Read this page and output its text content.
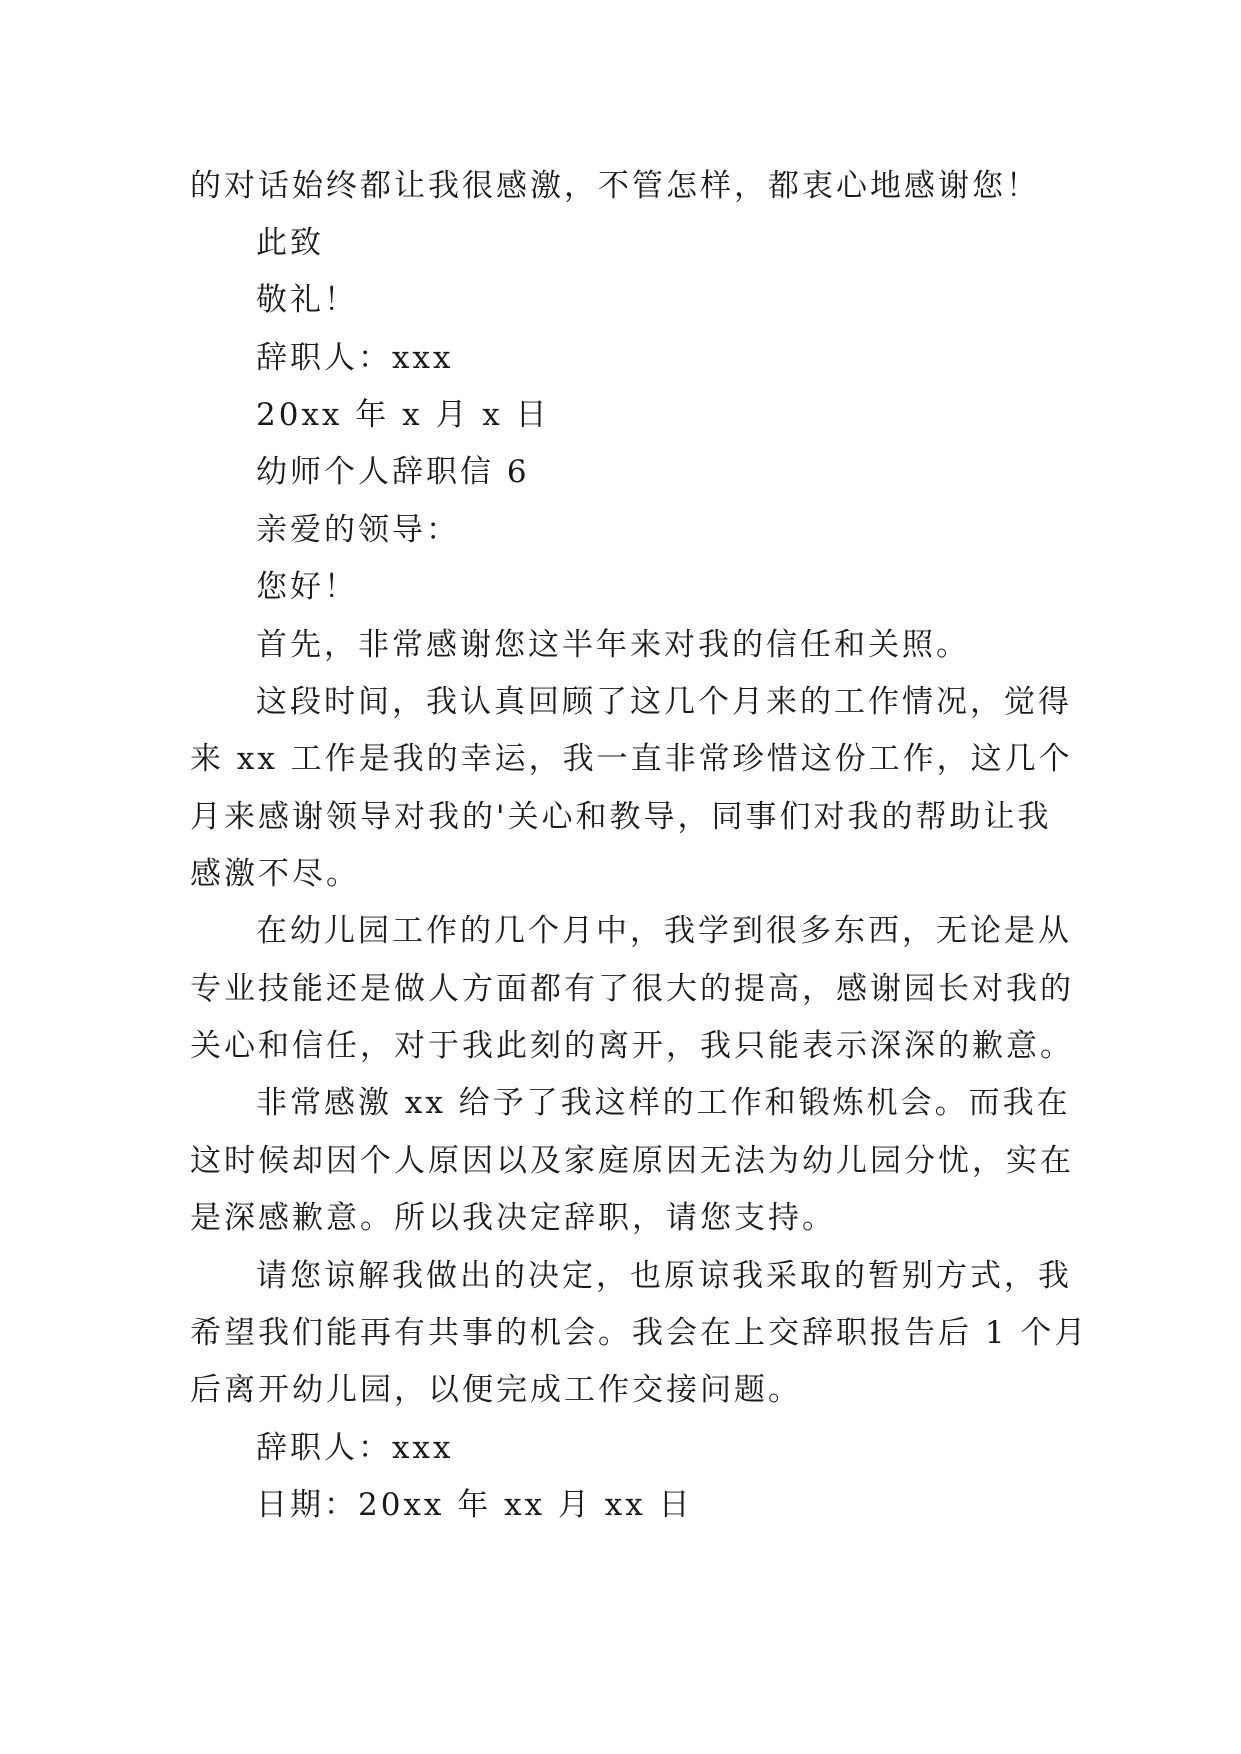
的对话始终都让我很感激，不管怎样，都衷心地感谢您！
此致
敬礼！
辞职人：xxx
20xx 年 x 月 x 日
幼师个人辞职信 6
亲爱的领导：
您好！
首先，非常感谢您这半年来对我的信任和关照。
这段时间，我认真回顾了这几个月来的工作情况，觉得
来 xx 工作是我的幸运，我一直非常珍惜这份工作，这几个
月来感谢领导对我的'关心和教导，同事们对我的帮助让我
感激不尽。
在幼儿园工作的几个月中，我学到很多东西，无论是从
专业技能还是做人方面都有了很大的提高，感谢园长对我的
关心和信任，对于我此刻的离开，我只能表示深深的歉意。
非常感激 xx 给予了我这样的工作和锻炼机会。而我在
这时候却因个人原因以及家庭原因无法为幼儿园分忧，实在
是深感歉意。所以我决定辞职，请您支持。
请您谅解我做出的决定，也原谅我采取的暂别方式，我
希望我们能再有共事的机会。我会在上交辞职报告后 1 个月
后离开幼儿园，以便完成工作交接问题。
辞职人：xxx
日期：20xx 年 xx 月 xx 日
